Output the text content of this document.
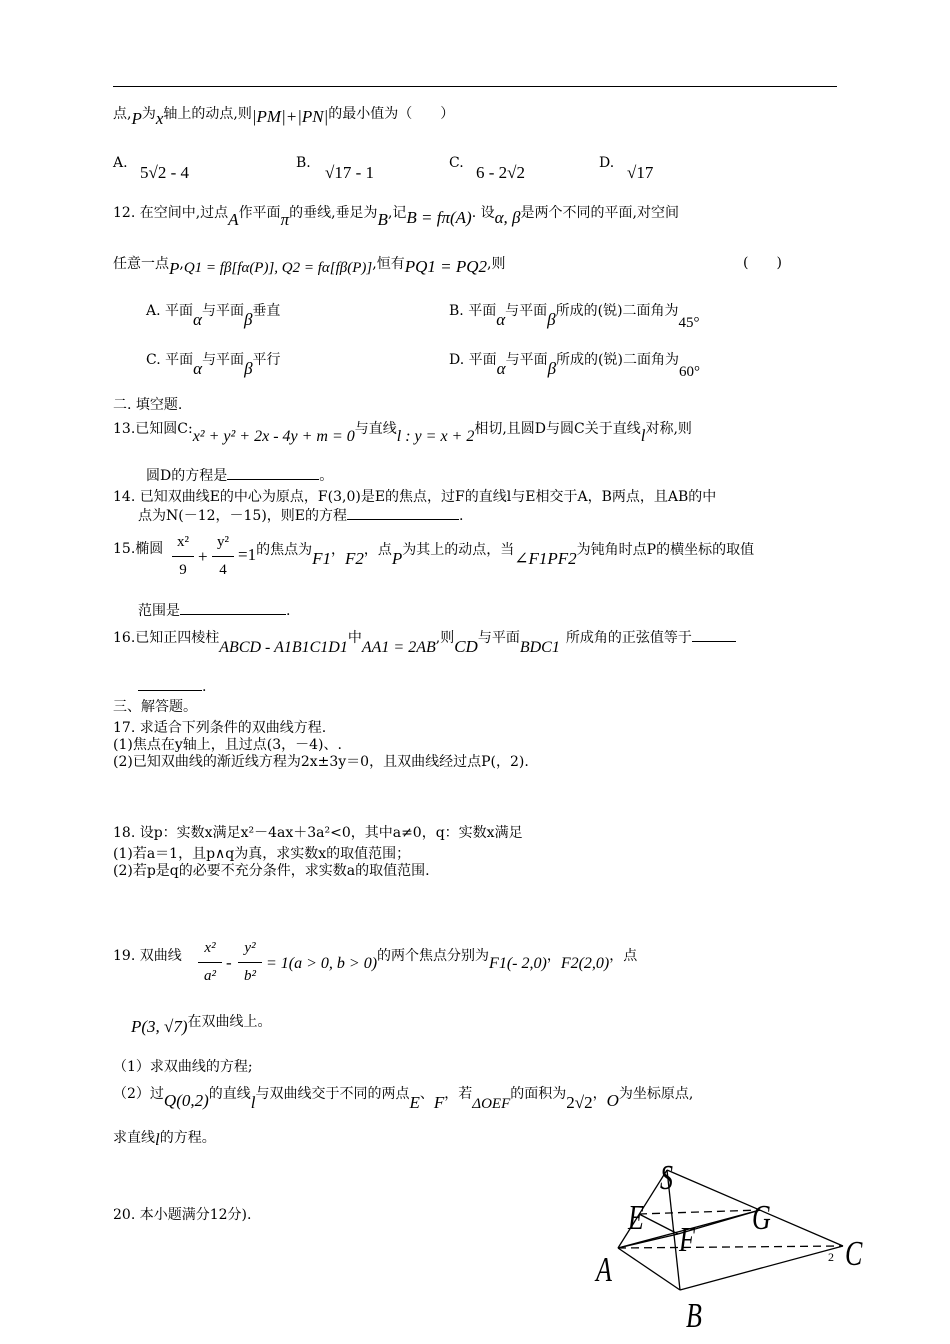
点,P为x轴上的动点,则|PM|+|PN|的最小值为（　　）
A. 5√2 - 4	B. √17 - 1	C. 6 - 2√2	D. √17
12. 在空间中,过点A作平面π的垂线,垂足为B,记B = fπ(A). 设α, β是两个不同的平面,对空间
任意一点P,Q1 = fβ[fα(P)], Q2 = fα[fβ(P)],恒有PQ1 = PQ2,则	(　　)
A. 平面α与平面β垂直	B. 平面α与平面β所成的(锐)二面角为45°
C. 平面α与平面β平行	D. 平面α与平面β所成的(锐)二面角为60°
二. 填空题.
13.已知圆C:x² + y² + 2x - 4y + m = 0与直线l : y = x + 2相切,且圆D与圆C关于直线l对称,则
圆D的方程是	。
14. 已知双曲线E的中心为原点，F(3,0)是E的焦点，过F的直线l与E相交于A，B两点，且AB的中
点为N(－12，－15)，则E的方程	.
15.椭圆 x²
9
+
y²
4
=1的焦点为F1，F2，点P为其上的动点，当∠F1PF2为钝角时点P的横坐标的取值
范围是	.
16.已知正四棱柱ABCD - A1B1C1D1中AA1 = 2AB,则CD与平面BDC1所成角的正弦值等于
.
三、解答题。
17. 求适合下列条件的双曲线方程.
(1)焦点在y轴上，且过点(3，－4)、.
(2)已知双曲线的渐近线方程为2x±3y＝0，且双曲线经过点P(，2).
18. 设p：实数x满足x²－4ax＋3a²<0，其中a≠0，q：实数x满足
(1)若a＝1，且p∧q为真，求实数x的取值范围；
(2)若p是q的必要不充分条件，求实数a的取值范围.
19. 双曲线	x²
a²
-
y²
b²
= 1(a > 0, b > 0)的两个焦点分别为F1(- 2,0)，F2(2,0)，点
P(3, √7)在双曲线上。
（1）求双曲线的方程;
（2）过Q(0,2)的直线l与双曲线交于不同的两点E、F，若ΔOEF的面积为2√2，O为坐标原点,
求直线l的方程。
20. 本小题满分12分).
S
E	G
F
A	C
B
2
